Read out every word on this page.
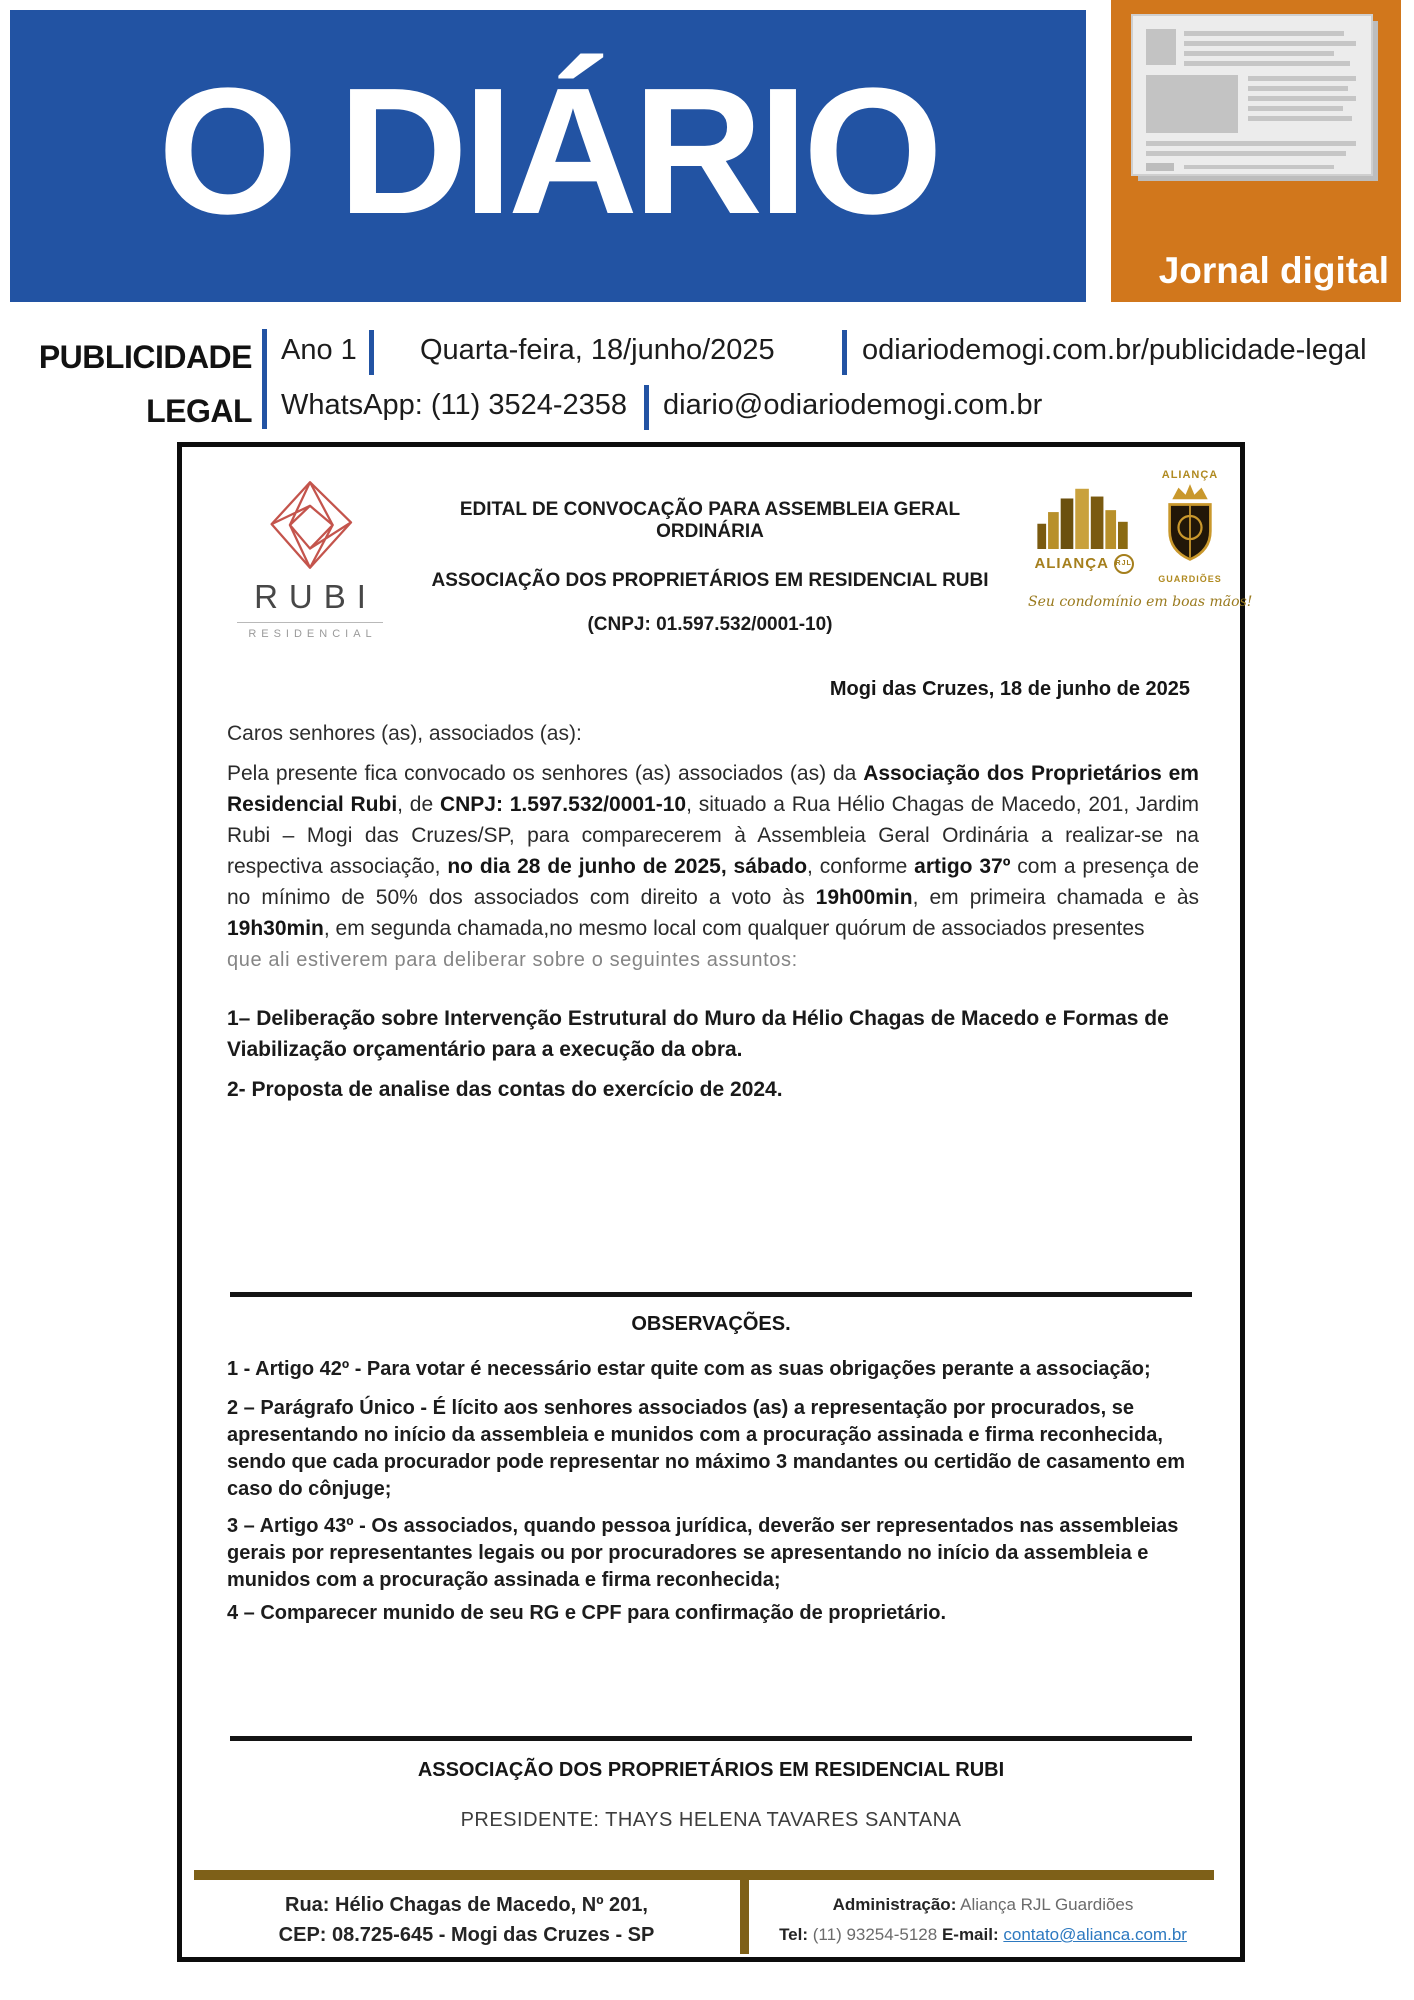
O DIÁRIO
Jornal digital
PUBLICIDADE
LEGAL
Ano 1 Quarta-feira, 18/junho/2025	odiariodemogi.com.br/publicidade-legal
WhatsApp: (11) 3524-2358 diario@odiariodemogi.com.br
RUBI
RESIDENCIAL
EDITAL DE CONVOCAÇÃO PARA ASSEMBLEIA GERAL ORDINÁRIA
ASSOCIAÇÃO DOS PROPRIETÁRIOS EM RESIDENCIAL RUBI
(CNPJ: 01.597.532/0001-10)
ALIANÇA RJL
ALIANÇA
GUARDIÕES
Seu condomínio em boas mãos!
Mogi das Cruzes, 18 de junho de 2025
Caros senhores (as), associados (as):

Pela presente fica convocado os senhores (as) associados (as) da Associação dos Proprietários em Residencial Rubi, de CNPJ: 1.597.532/0001-10, situado a Rua Hélio Chagas de Macedo, 201, Jardim Rubi – Mogi das Cruzes/SP, para comparecerem à Assembleia Geral Ordinária a realizar-se na respectiva associação, no dia 28 de junho de 2025, sábado, conforme artigo 37º com a presença de no mínimo de 50% dos associados com direito a voto às 19h00min, em primeira chamada e às 19h30min, em segunda chamada,no mesmo local com qualquer quórum de associados presentes

que ali estiverem para deliberar sobre o seguintes assuntos:

1– Deliberação sobre Intervenção Estrutural do Muro da Hélio Chagas de Macedo e Formas de Viabilização orçamentário para a execução da obra.
2- Proposta de analise das contas do exercício de 2024.
OBSERVAÇÕES.
1 - Artigo 42º - Para votar é necessário estar quite com as suas obrigações perante a associação;
2 – Parágrafo Único - É lícito aos senhores associados (as) a representação por procurados, se apresentando no início da assembleia e munidos com a procuração assinada e firma reconhecida, sendo que cada procurador pode representar no máximo 3 mandantes ou certidão de casamento em caso do cônjuge;
3 – Artigo 43º - Os associados, quando pessoa jurídica, deverão ser representados nas assembleias gerais por representantes legais ou por procuradores se apresentando no início da assembleia e munidos com a procuração assinada e firma reconhecida;
4 – Comparecer munido de seu RG e CPF para confirmação de proprietário.
ASSOCIAÇÃO DOS PROPRIETÁRIOS EM RESIDENCIAL RUBI
PRESIDENTE: THAYS HELENA TAVARES SANTANA
Rua: Hélio Chagas de Macedo, Nº 201,
CEP: 08.725-645 - Mogi das Cruzes - SP
Administração: Aliança RJL Guardiões
Tel: (11) 93254-5128 E-mail: contato@alianca.com.br
